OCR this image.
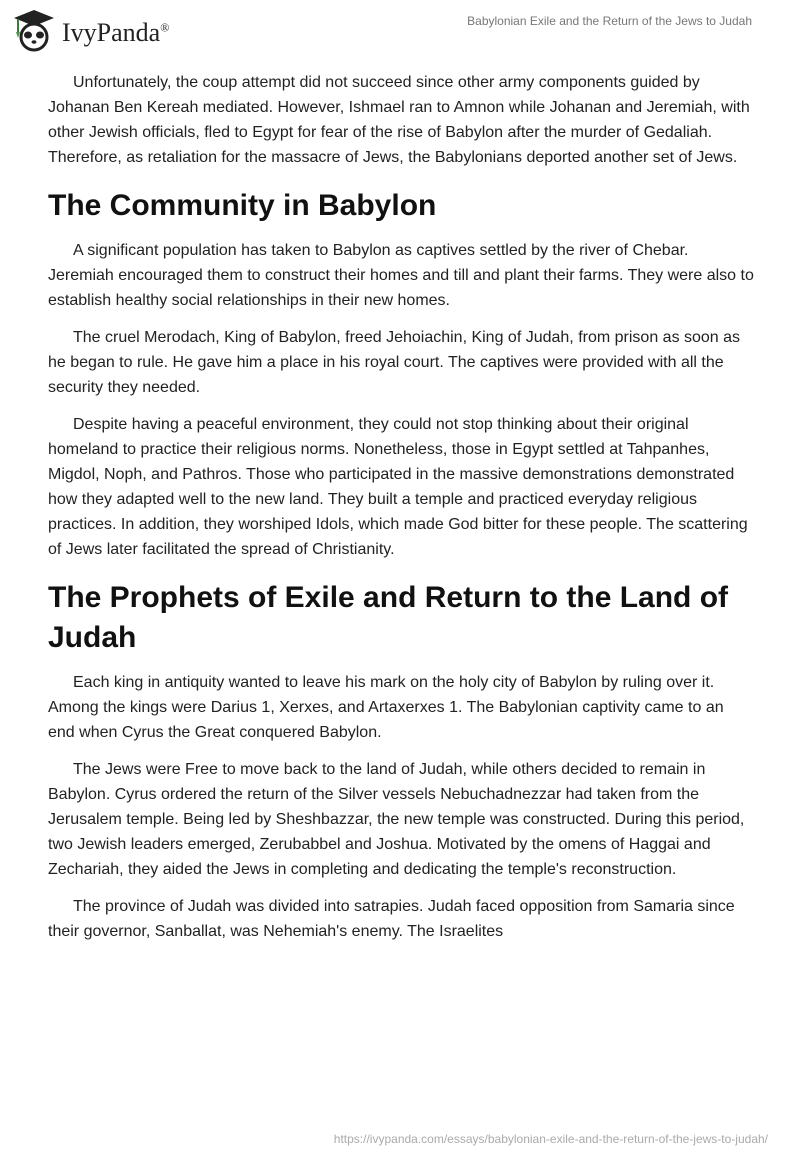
IvyPanda®	Babylonian Exile and the Return of the Jews to Judah

Unfortunately, the coup attempt did not succeed since other army components guided by Johanan Ben Kereah mediated. However, Ishmael ran to Amnon while Johanan and Jeremiah, with other Jewish officials, fled to Egypt for fear of the rise of Babylon after the murder of Gedaliah. Therefore, as retaliation for the massacre of Jews, the Babylonians deported another set of Jews.

The Community in Babylon

A significant population has taken to Babylon as captives settled by the river of Chebar. Jeremiah encouraged them to construct their homes and till and plant their farms. They were also to establish healthy social relationships in their new homes.

The cruel Merodach, King of Babylon, freed Jehoiachin, King of Judah, from prison as soon as he began to rule. He gave him a place in his royal court. The captives were provided with all the security they needed.

Despite having a peaceful environment, they could not stop thinking about their original homeland to practice their religious norms. Nonetheless, those in Egypt settled at Tahpanhes, Migdol, Noph, and Pathros. Those who participated in the massive demonstrations demonstrated how they adapted well to the new land. They built a temple and practiced everyday religious practices. In addition, they worshiped Idols, which made God bitter for these people. The scattering of Jews later facilitated the spread of Christianity.

The Prophets of Exile and Return to the Land of Judah

Each king in antiquity wanted to leave his mark on the holy city of Babylon by ruling over it. Among the kings were Darius 1, Xerxes, and Artaxerxes 1. The Babylonian captivity came to an end when Cyrus the Great conquered Babylon.

The Jews were Free to move back to the land of Judah, while others decided to remain in Babylon. Cyrus ordered the return of the Silver vessels Nebuchadnezzar had taken from the Jerusalem temple. Being led by Sheshbazzar, the new temple was constructed. During this period, two Jewish leaders emerged, Zerubabbel and Joshua. Motivated by the omens of Haggai and Zechariah, they aided the Jews in completing and dedicating the temple's reconstruction.

The province of Judah was divided into satrapies. Judah faced opposition from Samaria since their governor, Sanballat, was Nehemiah's enemy. The Israelites

https://ivypanda.com/essays/babylonian-exile-and-the-return-of-the-jews-to-judah/
